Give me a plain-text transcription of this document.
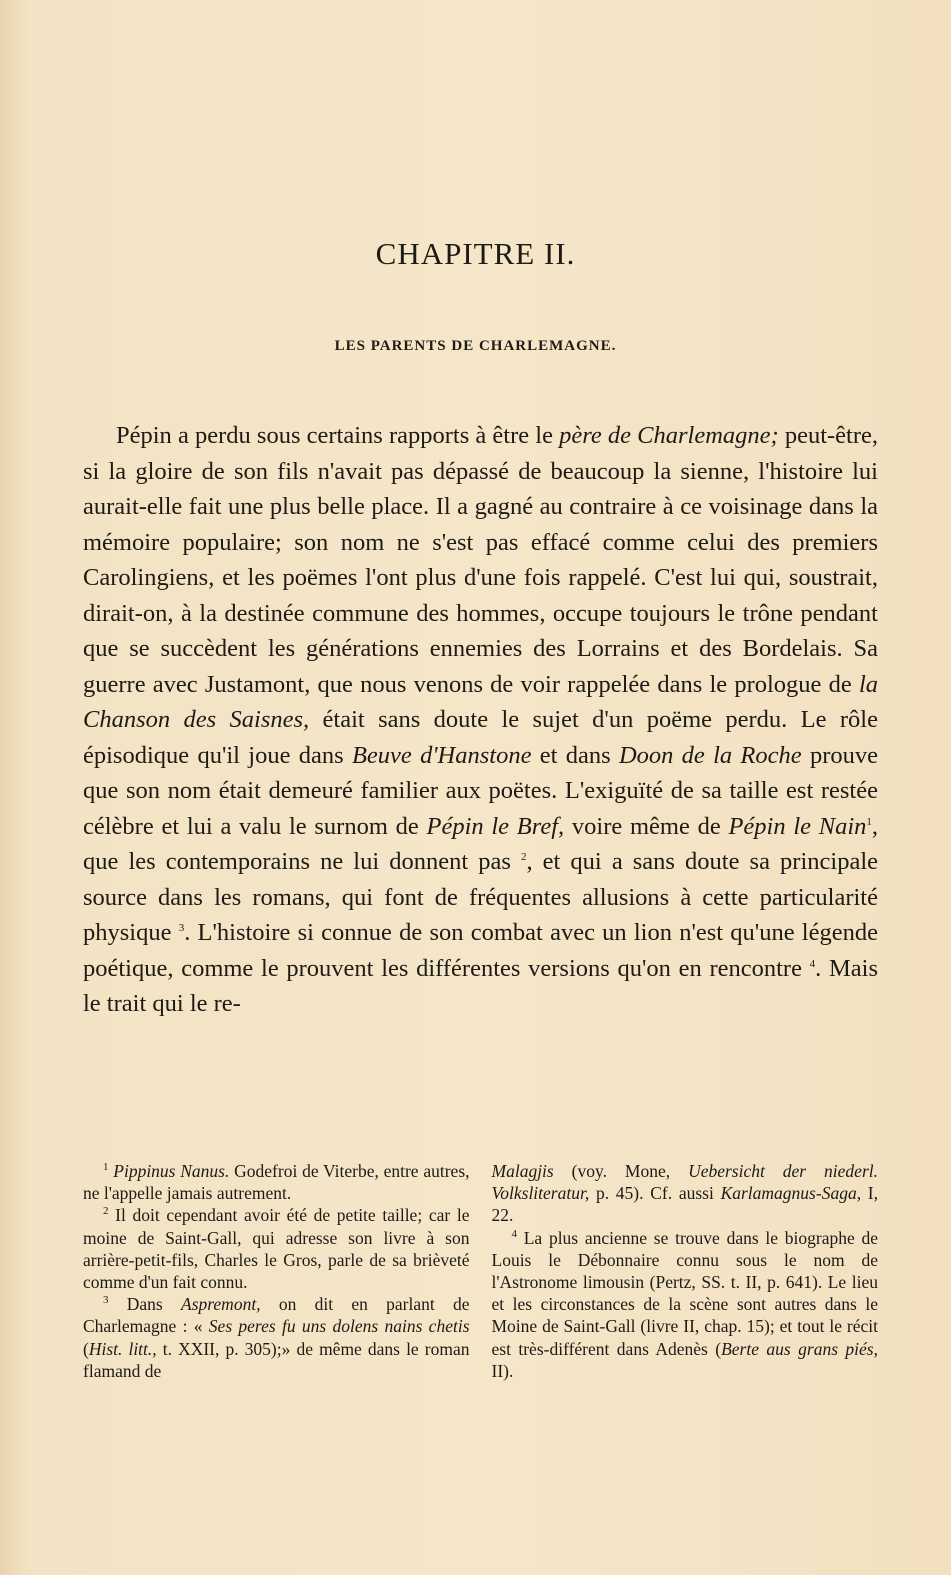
CHAPITRE II.
LES PARENTS DE CHARLEMAGNE.
Pépin a perdu sous certains rapports à être le père de Charlemagne; peut-être, si la gloire de son fils n'avait pas dépassé de beaucoup la sienne, l'histoire lui aurait-elle fait une plus belle place. Il a gagné au contraire à ce voisinage dans la mémoire populaire; son nom ne s'est pas effacé comme celui des premiers Carolingiens, et les poëmes l'ont plus d'une fois rappelé. C'est lui qui, soustrait, dirait-on, à la destinée commune des hommes, occupe toujours le trône pendant que se succèdent les générations ennemies des Lorrains et des Bordelais. Sa guerre avec Justamont, que nous venons de voir rappelée dans le prologue de la Chanson des Saisnes, était sans doute le sujet d'un poëme perdu. Le rôle épisodique qu'il joue dans Beuve d'Hanstone et dans Doon de la Roche prouve que son nom était demeuré familier aux poëtes. L'exiguïté de sa taille est restée célèbre et lui a valu le surnom de Pépin le Bref, voire même de Pépin le Nain$^1$, que les contemporains ne lui donnent pas $^2$, et qui a sans doute sa principale source dans les romans, qui font de fréquentes allusions à cette particularité physique $^3$. L'histoire si connue de son combat avec un lion n'est qu'une légende poétique, comme le prouvent les différentes versions qu'on en rencontre $^4$. Mais le trait qui le re-

$^1$ Pippinus Nanus. Godefroi de Viterbe, entre autres, ne l'appelle jamais autrement.

$^2$ Il doit cependant avoir été de petite taille; car le moine de Saint-Gall, qui adresse son livre à son arrière-petit-fils, Charles le Gros, parle de sa brièveté comme d'un fait connu.

$^3$ Dans Aspremont, on dit en parlant de Charlemagne : « Ses peres fu uns dolens nains chetis (Hist. litt., t. XXII, p. 305);» de même dans le roman flamand de

Malagjis (voy. Mone, Uebersicht der niederl. Volksliteratur, p. 45). Cf. aussi Karlamagnus-Saga, I, 22.

$^4$ La plus ancienne se trouve dans le biographe de Louis le Débonnaire connu sous le nom de l'Astronome limousin (Pertz, SS. t. II, p. 641). Le lieu et les circonstances de la scène sont autres dans le Moine de Saint-Gall (livre II, chap. 15); et tout le récit est très-différent dans Adenès (Berte aus grans piés, II).
